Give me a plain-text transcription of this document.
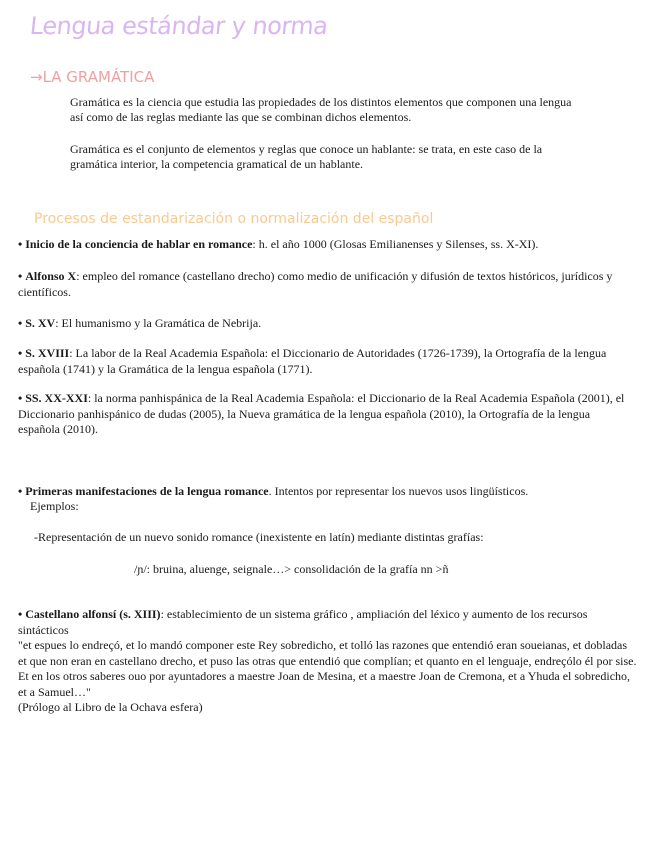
Lengua estándar y norma
→LA GRAMÁTICA

Gramática es la ciencia que estudia las propiedades de los distintos elementos que componen una lengua así como de las reglas mediante las que se combinan dichos elementos.

Gramática es el conjunto de elementos y reglas que conoce un hablante: se trata, en este caso de la gramática interior, la competencia gramatical de un hablante.

Procesos de estandarización o normalización del español

• Inicio de la conciencia de hablar en romance: h. el año 1000 (Glosas Emilianenses y Silenses, ss. X-XI).

• Alfonso X: empleo del romance (castellano drecho) como medio de unificación y difusión de textos históricos, jurídicos y científicos.

• S. XV: El humanismo y la Gramática de Nebrija.

• S. XVIII: La labor de la Real Academia Española: el Diccionario de Autoridades (1726-1739), la Ortografía de la lengua española (1741) y la Gramática de la lengua española (1771).

• SS. XX-XXI: la norma panhispánica de la Real Academia Española: el Diccionario de la Real Academia Española (2001), el Diccionario panhispánico de dudas (2005), la Nueva gramática de la lengua española (2010), la Ortografía de la lengua española (2010).

• Primeras manifestaciones de la lengua romance. Intentos por representar los nuevos usos lingüísticos.

Ejemplos:

-Representación de un nuevo sonido romance (inexistente en latín) mediante distintas grafías:

/ɲ/: bruina, aluenge, seignale…> consolidación de la grafía nn >ñ

• Castellano alfonsí (s. XIII): establecimiento de un sistema gráfico , ampliación del léxico y aumento de los recursos sintácticos

"et espues lo endreçó, et lo mandó componer este Rey sobredicho, et tolló las razones que entendió eran soueianas, et dobladas et que non eran en castellano drecho, et puso las otras que entendió que complían; et quanto en el lenguaje, endreçólo él por sise. Et en los otros saberes ouo por ayuntadores a maestre Joan de Mesina, et a maestre Joan de Cremona, et a Yhuda el sobredicho, et a Samuel…"

(Prólogo al Libro de la Ochava esfera)
